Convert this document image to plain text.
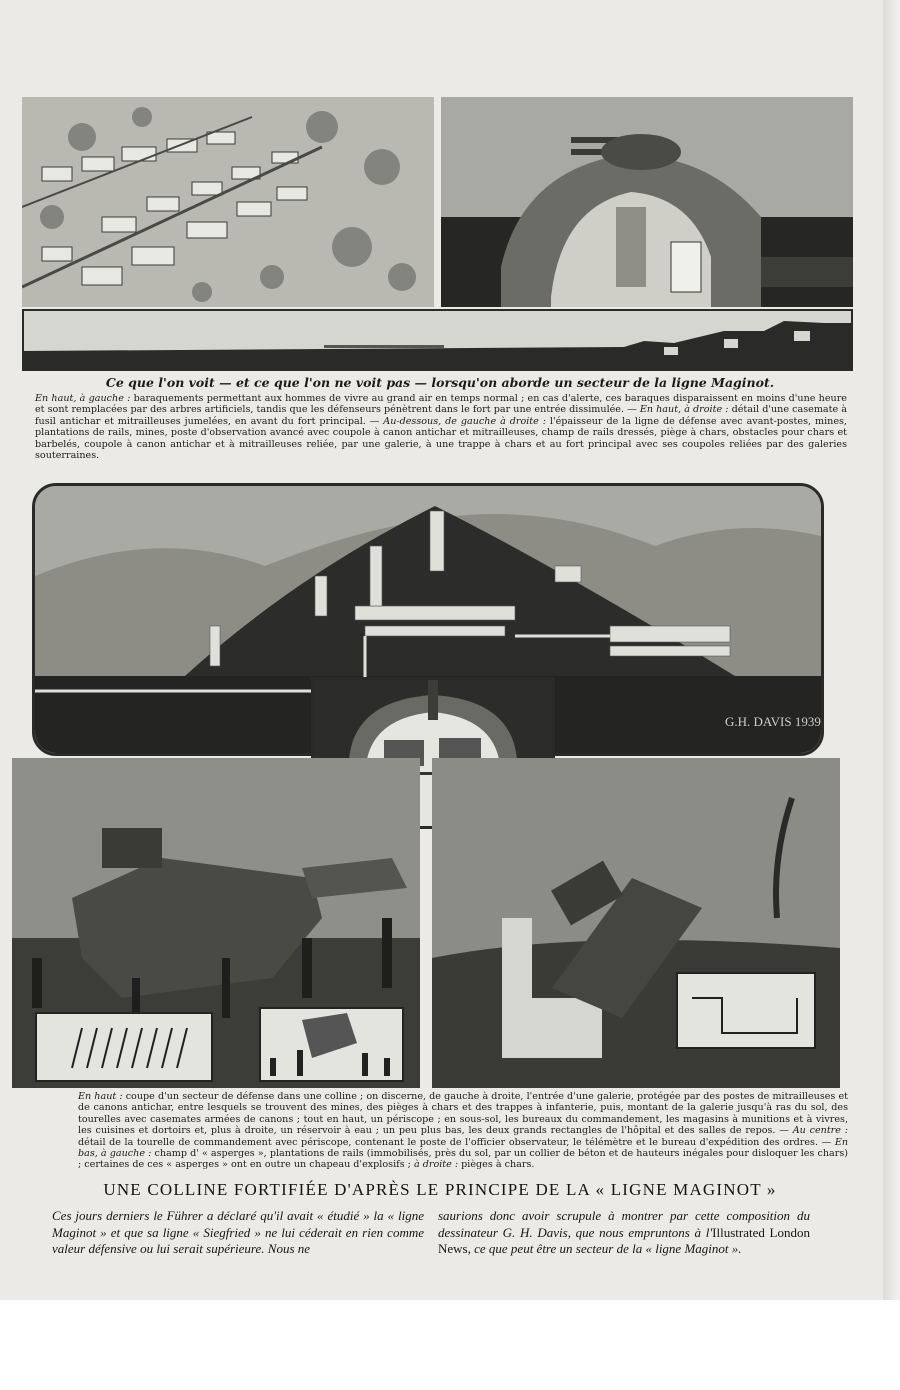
Ce que l'on voit — et ce que l'on ne voit pas — lorsqu'on aborde un secteur de la ligne Maginot.
En haut, à gauche : baraquements permettant aux hommes de vivre au grand air en temps normal ; en cas d'alerte, ces baraques disparaissent en moins d'une heure et sont remplacées par des arbres artificiels, tandis que les défenseurs pénètrent dans le fort par une entrée dissimulée. — En haut, à droite : détail d'une casemate à fusil antichar et mitrailleuses jumelées, en avant du fort principal. — Au-dessous, de gauche à droite : l'épaisseur de la ligne de défense avec avant-postes, mines, plantations de rails, mines, poste d'observation avancé avec coupole à canon antichar et mitrailleuses, champ de rails dressés, piège à chars, obstacles pour chars et barbelés, coupole à canon antichar et à mitrailleuses reliée, par une galerie, à une trappe à chars et au fort principal avec ses coupoles reliées par des galeries souterraines.
G.H. DAVIS 1939
En haut : coupe d'un secteur de défense dans une colline ; on discerne, de gauche à droite, l'entrée d'une galerie, protégée par des postes de mitrailleuses et de canons antichar, entre lesquels se trouvent des mines, des pièges à chars et des trappes à infanterie, puis, montant de la galerie jusqu'à ras du sol, des tourelles avec casemates armées de canons ; tout en haut, un périscope ; en sous-sol, les bureaux du commandement, les magasins à munitions et à vivres, les cuisines et dortoirs et, plus à droite, un réservoir à eau ; un peu plus bas, les deux grands rectangles de l'hôpital et des salles de repos. — Au centre : détail de la tourelle de commandement avec périscope, contenant le poste de l'officier observateur, le télémètre et le bureau d'expédition des ordres. — En bas, à gauche : champ d' « asperges », plantations de rails (immobilisés, près du sol, par un collier de béton et de hauteurs inégales pour disloquer les chars) ; certaines de ces « asperges » ont en outre un chapeau d'explosifs ; à droite : pièges à chars.
UNE COLLINE FORTIFIÉE D'APRÈS LE PRINCIPE DE LA « LIGNE MAGINOT »
Ces jours derniers le Führer a déclaré qu'il avait « étudié » la « ligne Maginot » et que sa ligne « Siegfried » ne lui céderait en rien comme valeur défensive ou lui serait supérieure. Nous ne
saurions donc avoir scrupule à montrer par cette composition du dessinateur G. H. Davis, que nous empruntons à l'Illustrated London News, ce que peut être un secteur de la « ligne Maginot ».
